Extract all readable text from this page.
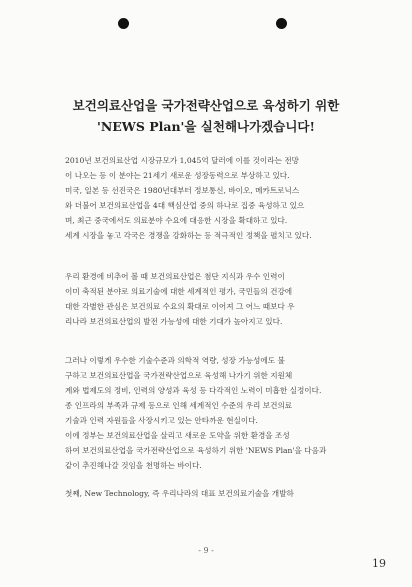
보건의료산업을 국가전략산업으로 육성하기 위한
'NEWS Plan'을 실천해나가겠습니다!
2010년 보건의료산업 시장규모가 1,045억 달러에 이를 것이라는 전망
이 나오는 등 이 분야는 21세기 새로운 성장동력으로 부상하고 있다.
미국, 일본 등 선진국은 1980년대부터 정보통신, 바이오, 메카트로닉스
와 더불어 보건의료산업을 4대 핵심산업 중의 하나로 집중 육성하고 있으
며, 최근 중국에서도 의료분야 수요에 대응한 시장을 확대하고 있다.
세계 시장을 놓고 각국은 경쟁을 강화하는 등 적극적인 정책을 펼치고 있다.
우리 환경에 비추어 볼 때 보건의료산업은 첨단 지식과 우수 인력이
이미 축적된 분야로 의료기술에 대한 세계적인 평가, 국민들의 건강에
대한 각별한 관심은 보건의료 수요의 확대로 이어져 그 어느 때보다 우
리나라 보건의료산업의 발전 가능성에 대한 기대가 높아지고 있다.
그러나 이렇게 우수한 기술수준과 의학적 역량, 성장 가능성에도 불
구하고 보건의료산업을 국가전략산업으로 육성해 나가기 위한 지원체
계와 법제도의 정비, 인력의 양성과 육성 등 다각적인 노력이 미흡한 실정이다.
종 인프라의 부족과 규제 등으로 인해 세계적인 수준의 우리 보건의료
기술과 인력 자원들을 사장시키고 있는 안타까운 현실이다.
이에 정부는 보건의료산업을 살리고 새로운 도약을 위한 환경을 조성
하여 보건의료산업을 국가전략산업으로 육성하기 위한 'NEWS Plan'을 다음과
같이 추진해나갈 것임을 천명하는 바이다.
첫째, New Technology, 즉 우리나라의 대표 보건의료기술을 개발하
- 9 -
19
